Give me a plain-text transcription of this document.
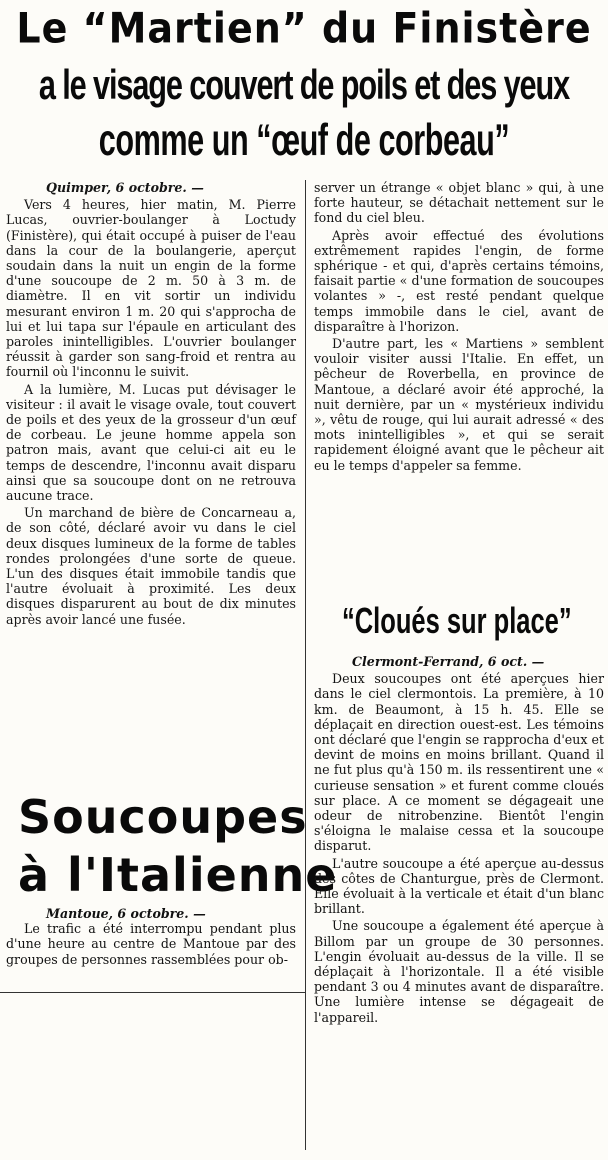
Le “Martien” du Finistère
a le visage couvert de poils et des yeux
comme un “œuf de corbeau”

Quimper, 6 octobre. —

Vers 4 heures, hier matin, M. Pierre Lucas, ouvrier-boulanger à Loctudy (Finistère), qui était occupé à puiser de l'eau dans la cour de la boulangerie, aperçut soudain dans la nuit un engin de la forme d'une soucoupe de 2 m. 50 à 3 m. de diamètre. Il en vit sortir un individu mesurant environ 1 m. 20 qui s'approcha de lui et lui tapa sur l'épaule en articulant des paroles inintelligibles. L'ouvrier boulanger réussit à garder son sang-froid et rentra au fournil où l'inconnu le suivit.

A la lumière, M. Lucas put dévisager le visiteur : il avait le visage ovale, tout couvert de poils et des yeux de la grosseur d'un œuf de corbeau. Le jeune homme appela son patron mais, avant que celui-ci ait eu le temps de descendre, l'inconnu avait disparu ainsi que sa soucoupe dont on ne retrouva aucune trace.

Un marchand de bière de Concarneau a, de son côté, déclaré avoir vu dans le ciel deux disques lumineux de la forme de tables rondes prolongées d'une sorte de queue. L'un des disques était immobile tandis que l'autre évoluait à proximité. Les deux disques disparurent au bout de dix minutes après avoir lancé une fusée.

Soucoupes
à l'Italienne

Mantoue, 6 octobre. —

Le trafic a été interrompu pendant plus d'une heure au centre de Mantoue par des groupes de personnes rassemblées pour ob-

server un étrange « objet blanc » qui, à une forte hauteur, se détachait nettement sur le fond du ciel bleu.

Après avoir effectué des évolutions extrêmement rapides l'engin, de forme sphérique - et qui, d'après certains témoins, faisait partie « d'une formation de soucoupes volantes » -, est resté pendant quelque temps immobile dans le ciel, avant de disparaître à l'horizon.

D'autre part, les « Martiens » semblent vouloir visiter aussi l'Italie. En effet, un pêcheur de Roverbella, en province de Mantoue, a déclaré avoir été approché, la nuit dernière, par un « mystérieux individu », vêtu de rouge, qui lui aurait adressé « des mots inintelligibles », et qui se serait rapidement éloigné avant que le pêcheur ait eu le temps d'appeler sa femme.

“Cloués sur place”

Clermont-Ferrand, 6 oct. —

Deux soucoupes ont été aperçues hier dans le ciel clermontois. La première, à 10 km. de Beaumont, à 15 h. 45. Elle se déplaçait en direction ouest-est. Les témoins ont déclaré que l'engin se rapprocha d'eux et devint de moins en moins brillant. Quand il ne fut plus qu'à 150 m. ils ressentirent une « curieuse sensation » et furent comme cloués sur place. A ce moment se dégageait une odeur de nitrobenzine. Bientôt l'engin s'éloigna le malaise cessa et la soucoupe disparut.

L'autre soucoupe a été aperçue au-dessus des côtes de Chanturgue, près de Clermont. Elle évoluait à la verticale et était d'un blanc brillant.

Une soucoupe a également été aperçue à Billom par un groupe de 30 personnes. L'engin évoluait au-dessus de la ville. Il se déplaçait à l'horizontale. Il a été visible pendant 3 ou 4 minutes avant de disparaître. Une lumière intense se dégageait de l'appareil.
